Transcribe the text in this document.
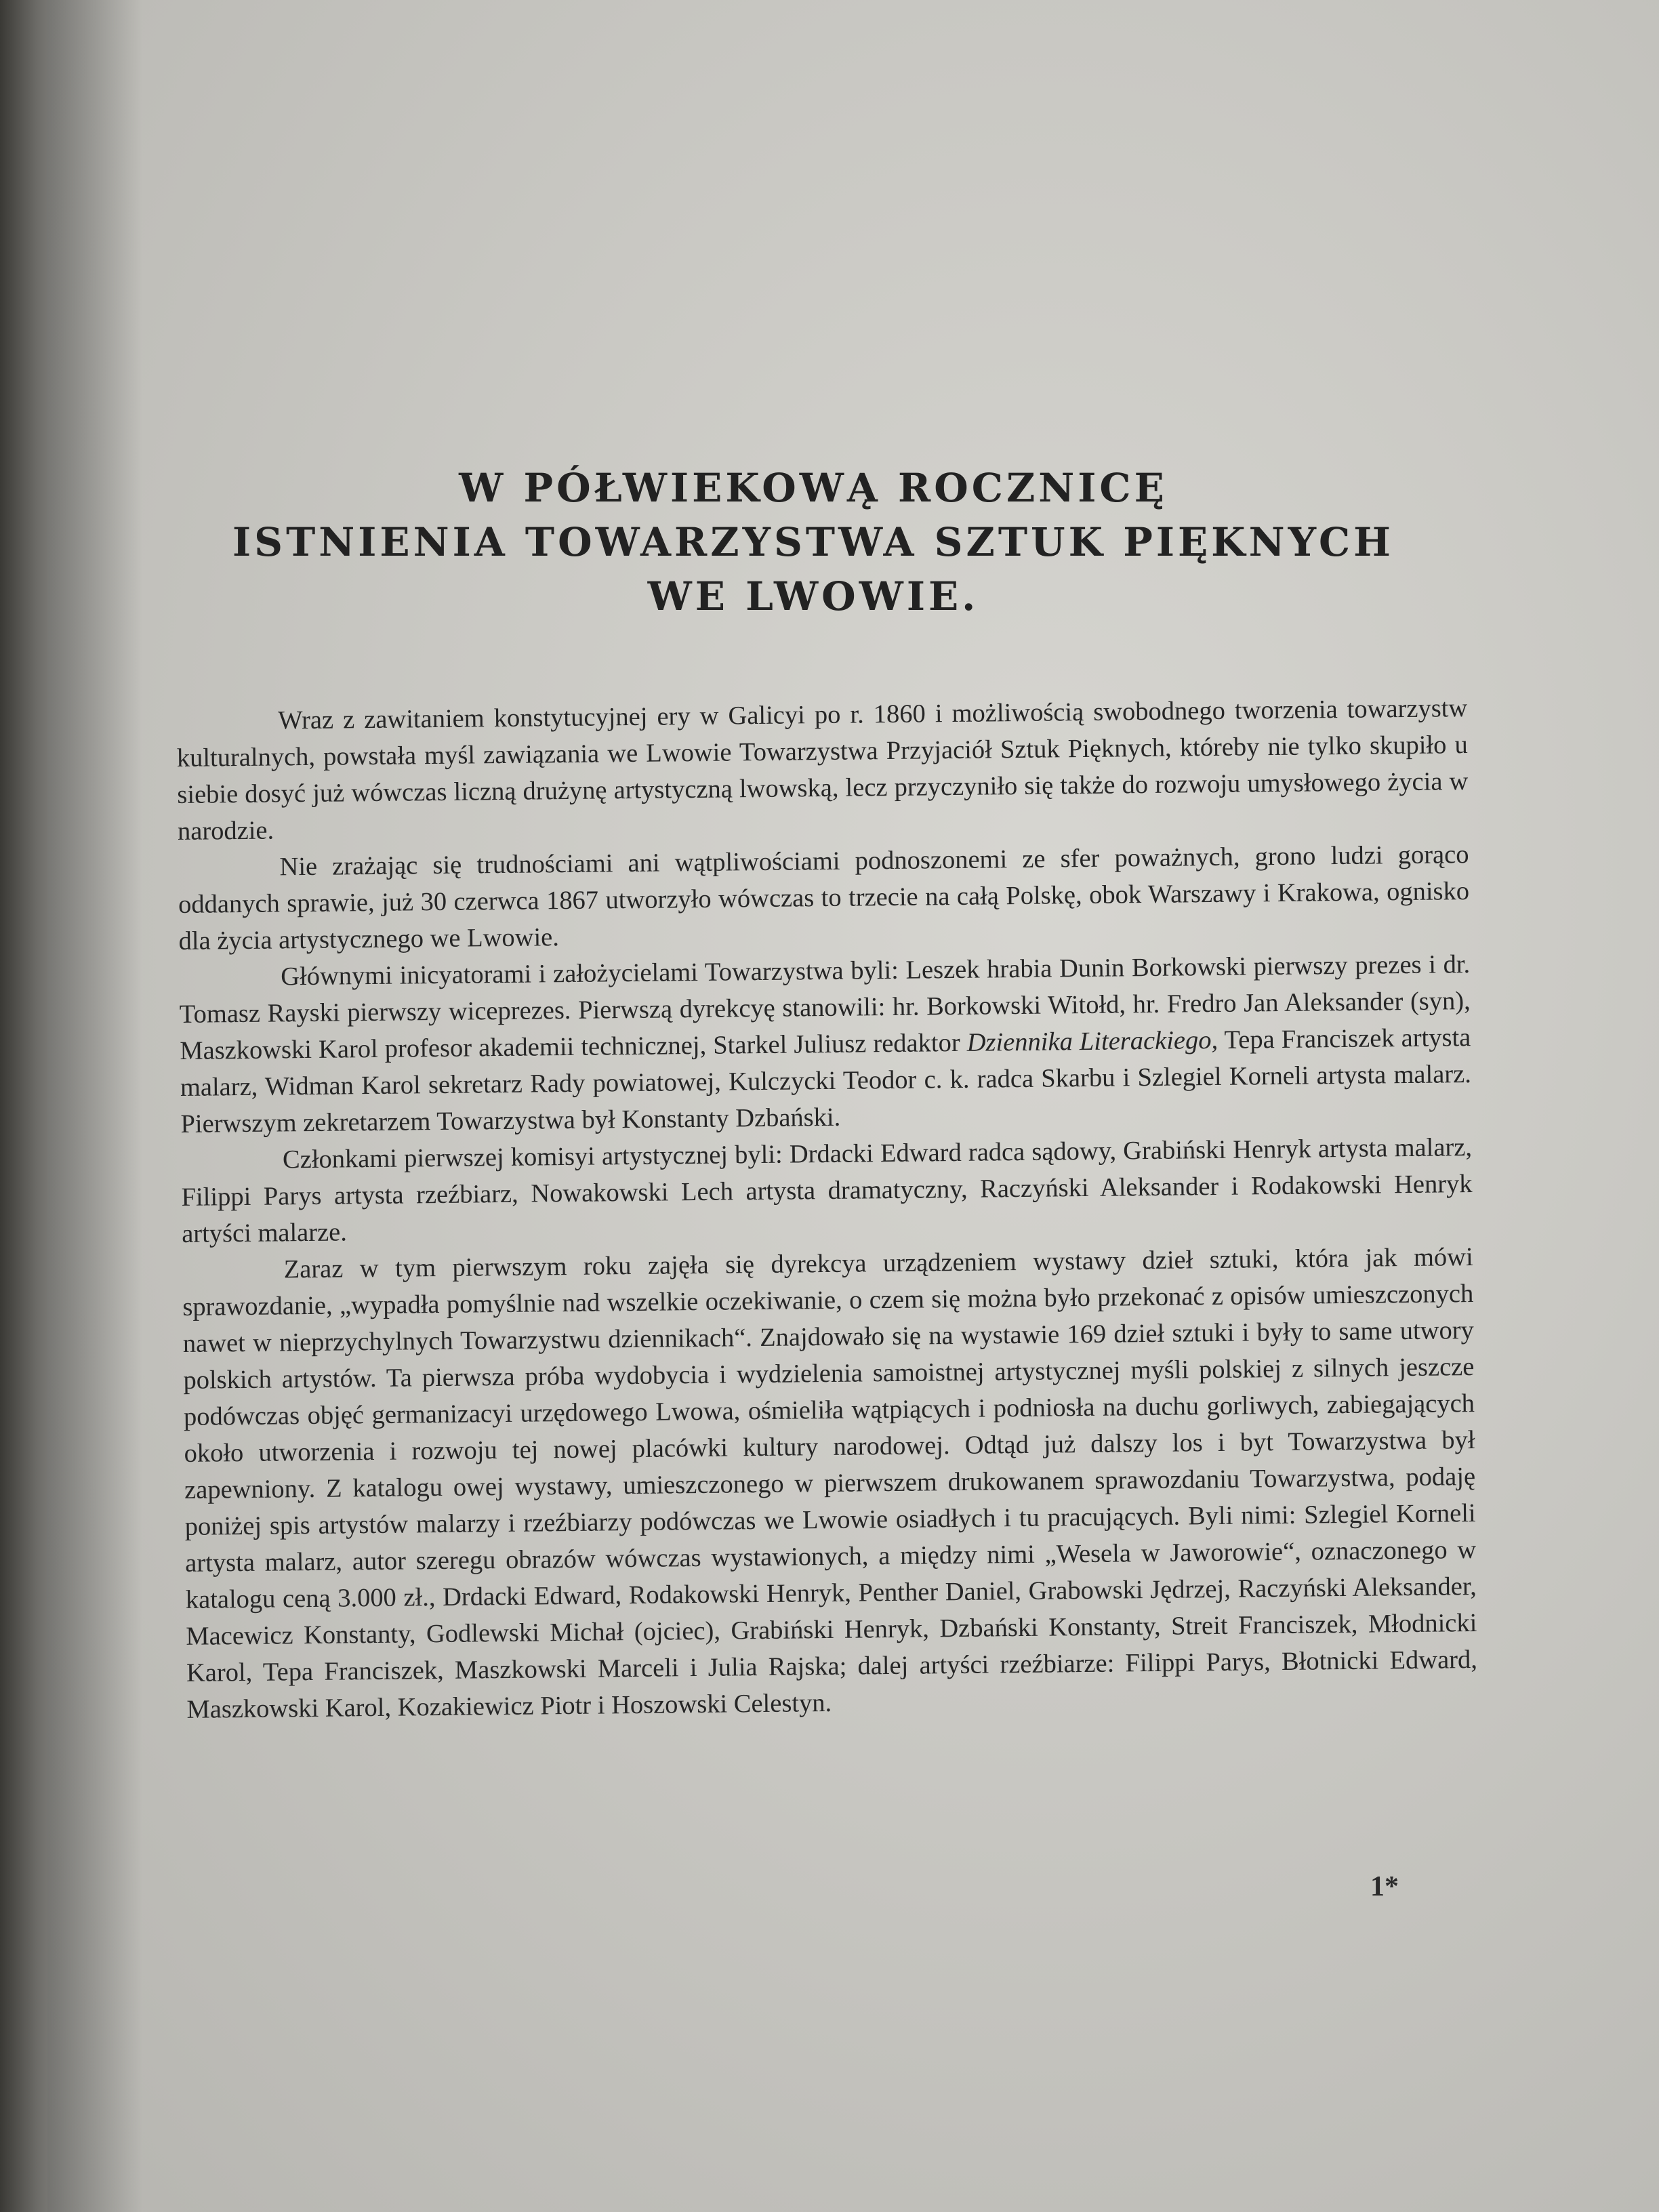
W PÓŁWIEKOWĄ ROCZNICĘ
ISTNIENIA TOWARZYSTWA SZTUK PIĘKNYCH
WE LWOWIE.

Wraz z zawitaniem konstytucyjnej ery w Galicyi po r. 1860 i możliwością swobodnego tworzenia towarzystw kulturalnych, powstała myśl zawiązania we Lwowie Towarzystwa Przyjaciół Sztuk Pięknych, któreby nie tylko skupiło u siebie dosyć już wówczas liczną drużynę artystyczną lwowską, lecz przyczyniło się także do rozwoju umysłowego życia w narodzie.

Nie zrażając się trudnościami ani wątpliwościami podnoszonemi ze sfer poważnych, grono ludzi gorąco oddanych sprawie, już 30 czerwca 1867 utworzyło wówczas to trzecie na całą Polskę, obok Warszawy i Krakowa, ognisko dla życia artystycznego we Lwowie.

Głównymi inicyatorami i założycielami Towarzystwa byli: Leszek hrabia Dunin Borkowski pierwszy prezes i dr. Tomasz Rayski pierwszy wiceprezes. Pierwszą dyrekcyę stanowili: hr. Borkowski Witołd, hr. Fredro Jan Aleksander (syn), Maszkowski Karol profesor akademii technicznej, Starkel Juliusz redaktor Dziennika Literackiego, Tepa Franciszek artysta malarz, Widman Karol sekretarz Rady powiatowej, Kulczycki Teodor c. k. radca Skarbu i Szlegiel Korneli artysta malarz. Pierwszym zekretarzem Towarzystwa był Konstanty Dzbański.

Członkami pierwszej komisyi artystycznej byli: Drdacki Edward radca sądowy, Grabiński Henryk artysta malarz, Filippi Parys artysta rzeźbiarz, Nowakowski Lech artysta dramatyczny, Raczyński Aleksander i Rodakowski Henryk artyści malarze.

Zaraz w tym pierwszym roku zajęła się dyrekcya urządzeniem wystawy dzieł sztuki, która jak mówi sprawozdanie, „wypadła pomyślnie nad wszelkie oczekiwanie, o czem się można było przekonać z opisów umieszczonych nawet w nieprzychylnych Towarzystwu dziennikach“. Znajdowało się na wystawie 169 dzieł sztuki i były to same utwory polskich artystów. Ta pierwsza próba wydobycia i wydzielenia samoistnej artystycznej myśli polskiej z silnych jeszcze podówczas objęć germanizacyi urzędowego Lwowa, ośmieliła wątpiących i podniosła na duchu gorliwych, zabiegających około utworzenia i rozwoju tej nowej placówki kultury narodowej. Odtąd już dalszy los i byt Towarzystwa był zapewniony. Z katalogu owej wystawy, umieszczonego w pierwszem drukowanem sprawozdaniu Towarzystwa, podaję poniżej spis artystów malarzy i rzeźbiarzy podówczas we Lwowie osiadłych i tu pracujących. Byli nimi: Szlegiel Korneli artysta malarz, autor szeregu obrazów wówczas wystawionych, a między nimi „Wesela w Jaworowie“, oznaczonego w katalogu ceną 3.000 zł., Drdacki Edward, Rodakowski Henryk, Penther Daniel, Grabowski Jędrzej, Raczyński Aleksander, Macewicz Konstanty, Godlewski Michał (ojciec), Grabiński Henryk, Dzbański Konstanty, Streit Franciszek, Młodnicki Karol, Tepa Franciszek, Maszkowski Marceli i Julia Rajska; dalej artyści rzeźbiarze: Filippi Parys, Błotnicki Edward, Maszkowski Karol, Kozakiewicz Piotr i Hoszowski Celestyn.

1*
